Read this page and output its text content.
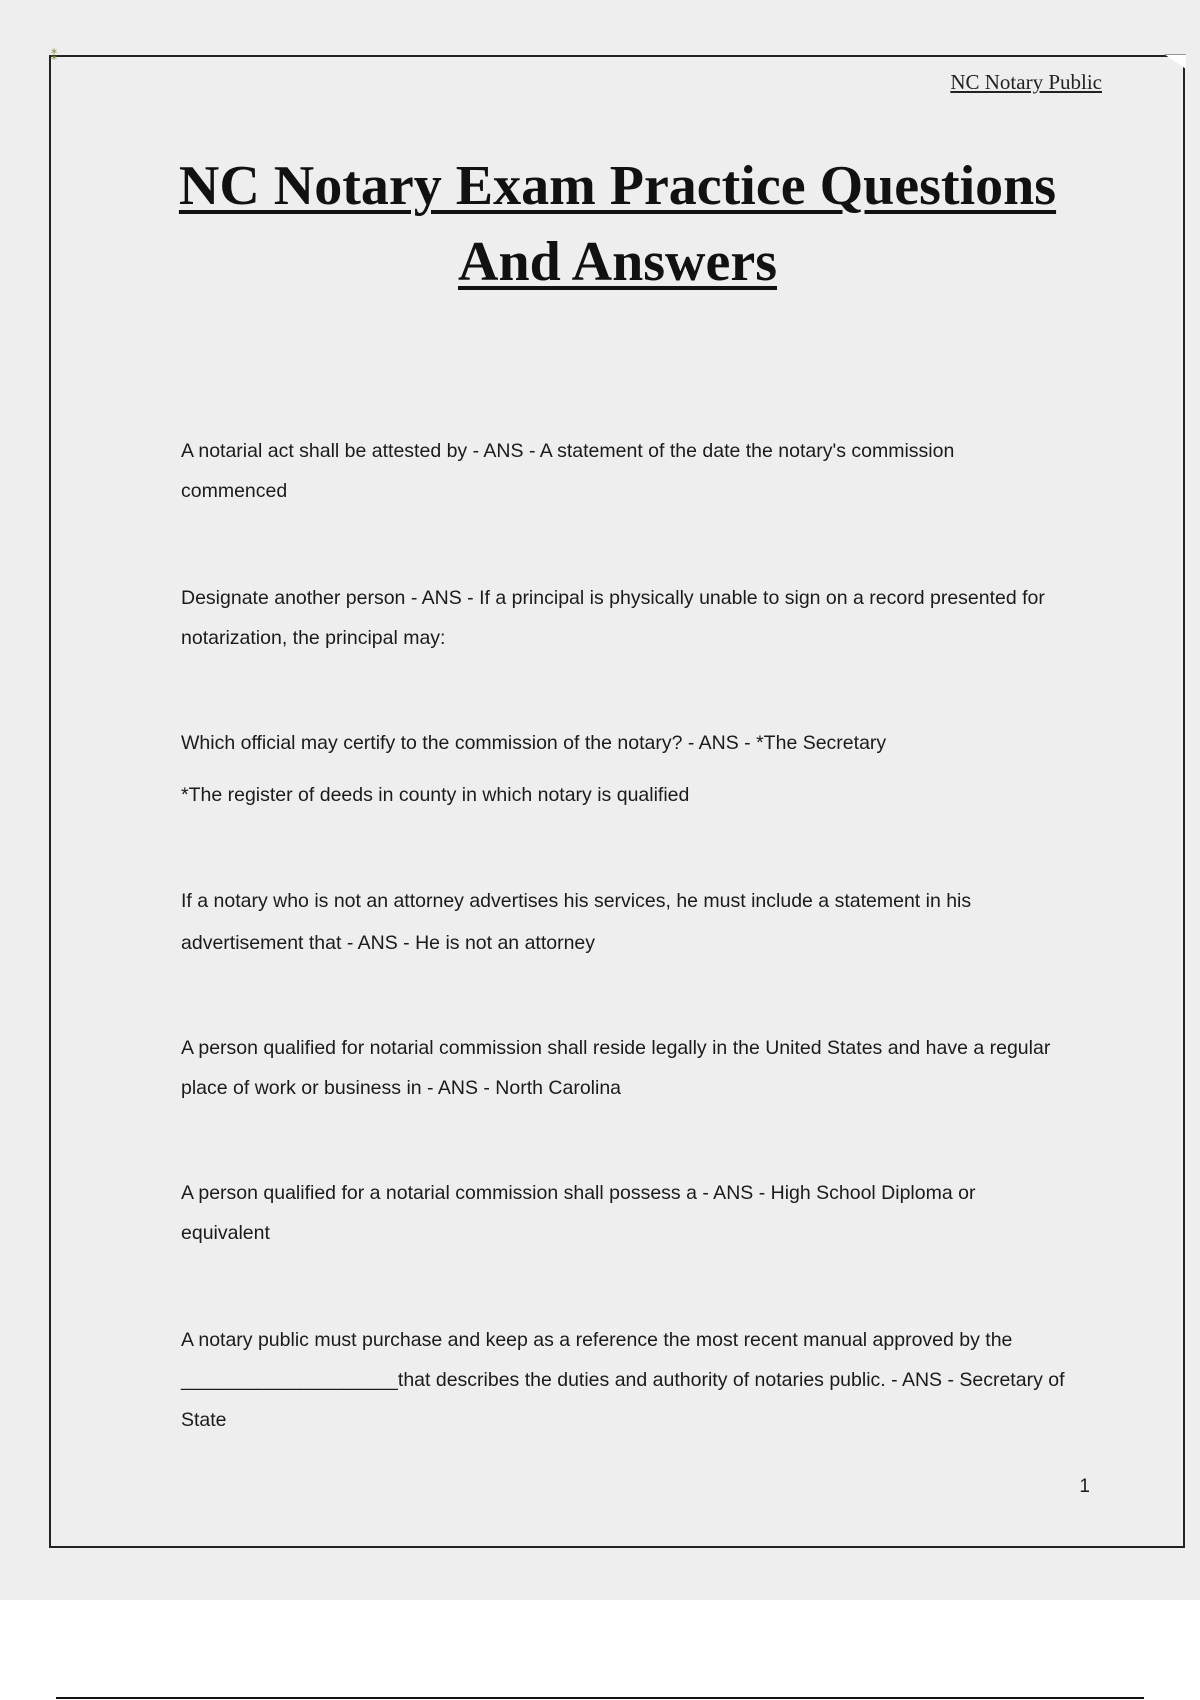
⁑
NC Notary Public
NC Notary Exam Practice Questions
And Answers
A notarial act shall be attested by - ANS - A statement of the date the notary's commission
commenced
Designate another person - ANS - If a principal is physically unable to sign on a record presented for
notarization, the principal may:
Which official may certify to the commission of the notary? - ANS - *The Secretary
*The register of deeds in county in which notary is qualified
If a notary who is not an attorney advertises his services, he must include a statement in his
advertisement that - ANS - He is not an attorney
A person qualified for notarial commission shall reside legally in the United States and have a regular
place of work or business in - ANS - North Carolina
A person qualified for a notarial commission shall possess a - ANS - High School Diploma or
equivalent
A notary public must purchase and keep as a reference the most recent manual approved by the
____________________that describes the duties and authority of notaries public. - ANS - Secretary of
State
1
